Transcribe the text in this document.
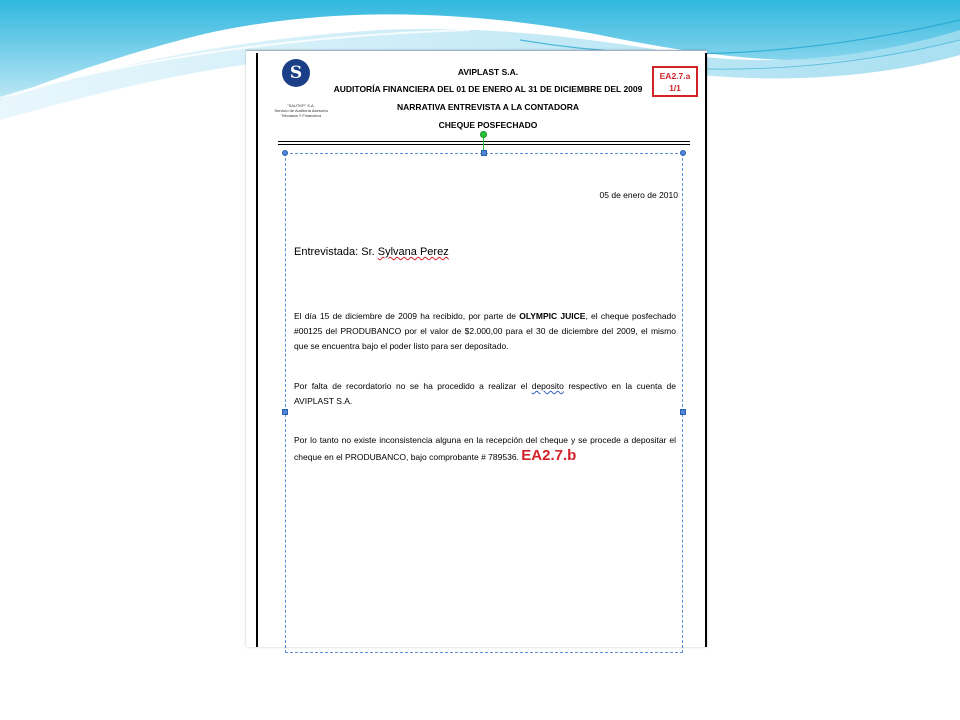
S
"SAUTKP" S.A.
Servicio de Auditoría Asesoría
Tributaria Y Financiera
AVIPLAST S.A.
AUDITORÍA FINANCIERA DEL 01 DE ENERO AL 31 DE DICIEMBRE DEL 2009
NARRATIVA ENTREVISTA A LA CONTADORA
CHEQUE POSFECHADO
EA2.7.a
1/1
05 de enero de 2010
Entrevistada: Sr. Sylvana Perez
El día 15 de diciembre de 2009 ha recibido, por parte de OLYMPIC JUICE, el cheque posfechado #00125 del PRODUBANCO por el valor de $2.000,00 para el 30 de diciembre del 2009, el mismo que se encuentra bajo el poder listo para ser depositado.
Por falta de recordatorio no se ha procedido a realizar el deposito respectivo en la cuenta de AVIPLAST S.A.
Por lo tanto no existe inconsistencia alguna en la recepción del cheque y se procede a depositar el cheque en el PRODUBANCO, bajo comprobante # 789536. EA2.7.b
